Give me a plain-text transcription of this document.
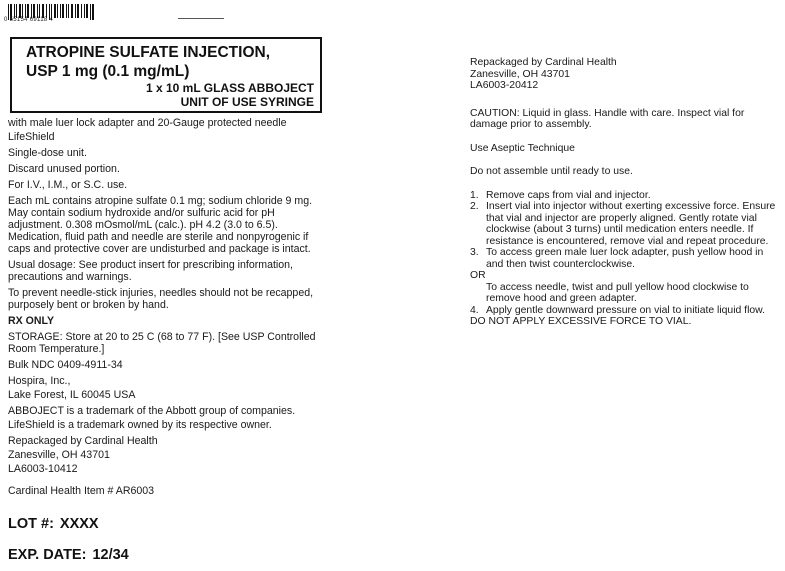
0 55154 69118 4
ATROPINE SULFATE INJECTION,
USP 1 mg (0.1 mg/mL)
1 x 10 mL GLASS ABBOJECT
UNIT OF USE SYRINGE

with male luer lock adapter and 20-Gauge protected needle

LifeShield

Single-dose unit.

Discard unused portion.

For I.V., I.M., or S.C. use.

Each mL contains atropine sulfate 0.1 mg; sodium chloride 9 mg. May contain sodium hydroxide and/or sulfuric acid for pH adjustment. 0.308 mOsmol/mL (calc.). pH 4.2 (3.0 to 6.5). Medication, fluid path and needle are sterile and nonpyrogenic if caps and protective cover are undisturbed and package is intact.

Usual dosage: See product insert for prescribing information, precautions and warnings.

To prevent needle-stick injuries, needles should not be recapped, purposely bent or broken by hand.

RX ONLY

STORAGE: Store at 20 to 25 C (68 to 77 F). [See USP Controlled Room Temperature.]

Bulk NDC 0409-4911-34

Hospira, Inc.,

Lake Forest, IL 60045 USA

ABBOJECT is a trademark of the Abbott group of companies.

LifeShield is a trademark owned by its respective owner.

Repackaged by Cardinal Health

Zanesville, OH 43701

LA6003-10412

Cardinal Health Item # AR6003

LOT #: XXXX
EXP. DATE: 12/34

Repackaged by Cardinal Health

Zanesville, OH 43701

LA6003-20412

CAUTION: Liquid in glass. Handle with care. Inspect vial for damage prior to assembly.

Use Aseptic Technique

Do not assemble until ready to use.

1. Remove caps from vial and injector.
2. Insert vial into injector without exerting excessive force. Ensure that vial and injector are properly aligned. Gently rotate vial clockwise (about 3 turns) until medication enters needle. If resistance is encountered, remove vial and repeat procedure.
3. To access green male luer lock adapter, push yellow hood in and then twist counterclockwise.

OR

To access needle, twist and pull yellow hood clockwise to remove hood and green adapter.

4. Apply gentle downward pressure on vial to initiate liquid flow.

DO NOT APPLY EXCESSIVE FORCE TO VIAL.
